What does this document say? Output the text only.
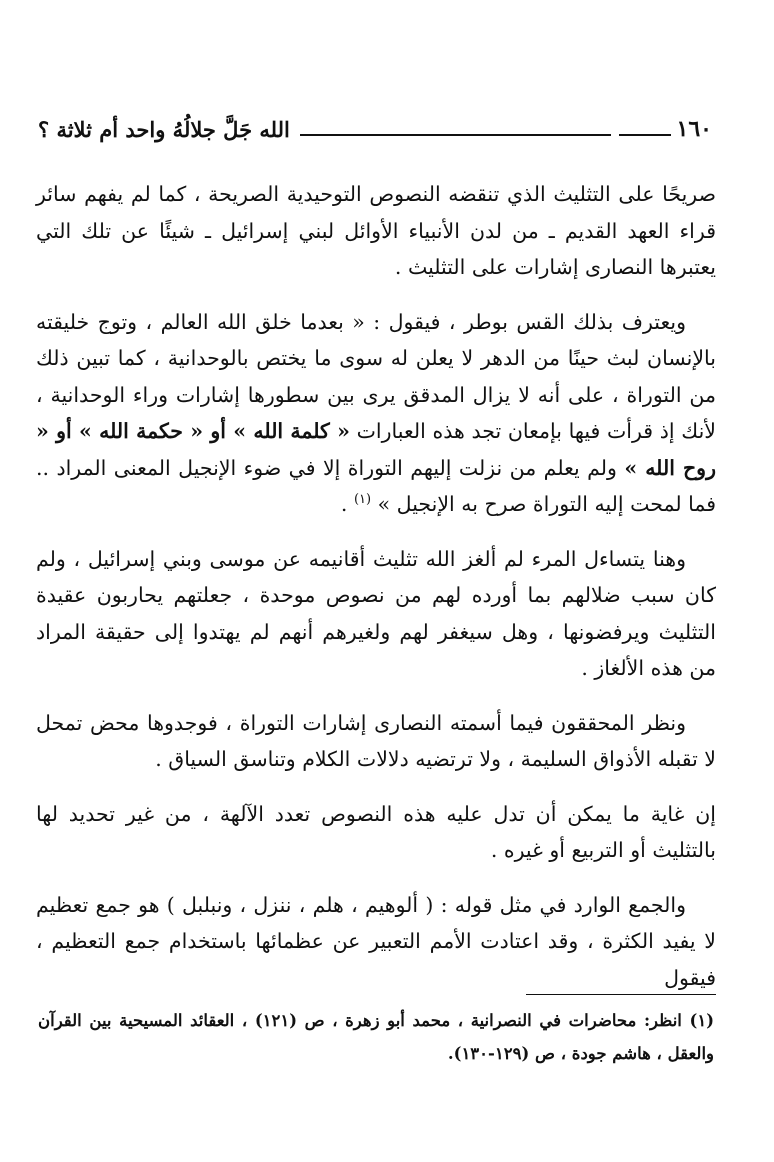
١٦٠
الله جَلَّ جلالُهُ واحد أم ثلاثة ؟

صريحًا على التثليث الذي تنقضه النصوص التوحيدية الصريحة ، كما لم يفهم سائر قراء العهد القديم ـ من لدن الأنبياء الأوائل لبني إسرائيل ـ شيئًا عن تلك التي يعتبرها النصارى إشارات على التثليث .

ويعترف بذلك القس بوطر ، فيقول : « بعدما خلق الله العالم ، وتوج خليقته بالإنسان لبث حينًا من الدهر لا يعلن له سوى ما يختص بالوحدانية ، كما تبين ذلك من التوراة ، على أنه لا يزال المدقق يرى بين سطورها إشارات وراء الوحدانية ، لأنك إذ قرأت فيها بإمعان تجد هذه العبارات « كلمة الله » أو « حكمة الله » أو « روح الله » ولم يعلم من نزلت إليهم التوراة إلا في ضوء الإنجيل المعنى المراد .. فما لمحت إليه التوراة صرح به الإنجيل » $^{(١)}$ .

وهنا يتساءل المرء لم ألغز الله تثليث أقانيمه عن موسى وبني إسرائيل ، ولم كان سبب ضلالهم بما أورده لهم من نصوص موحدة ، جعلتهم يحاربون عقيدة التثليث ويرفضونها ، وهل سيغفر لهم ولغيرهم أنهم لم يهتدوا إلى حقيقة المراد من هذه الألغاز .

ونظر المحققون فيما أسمته النصارى إشارات التوراة ، فوجدوها محض تمحل لا تقبله الأذواق السليمة ، ولا ترتضيه دلالات الكلام وتناسق السياق .

إن غاية ما يمكن أن تدل عليه هذه النصوص تعدد الآلهة ، من غير تحديد لها بالتثليث أو التربيع أو غيره .

والجمع الوارد في مثل قوله : ( ألوهيم ، هلم ، ننزل ، ونبلبل ) هو جمع تعظيم لا يفيد الكثرة ، وقد اعتادت الأمم التعبير عن عظمائها باستخدام جمع التعظيم ، فيقول

(١) انظر: محاضرات في النصرانية ، محمد أبو زهرة ، ص (١٢١) ، العقائد المسيحية بين القرآن والعقل ، هاشم جودة ، ص (١٢٩-١٣٠).
